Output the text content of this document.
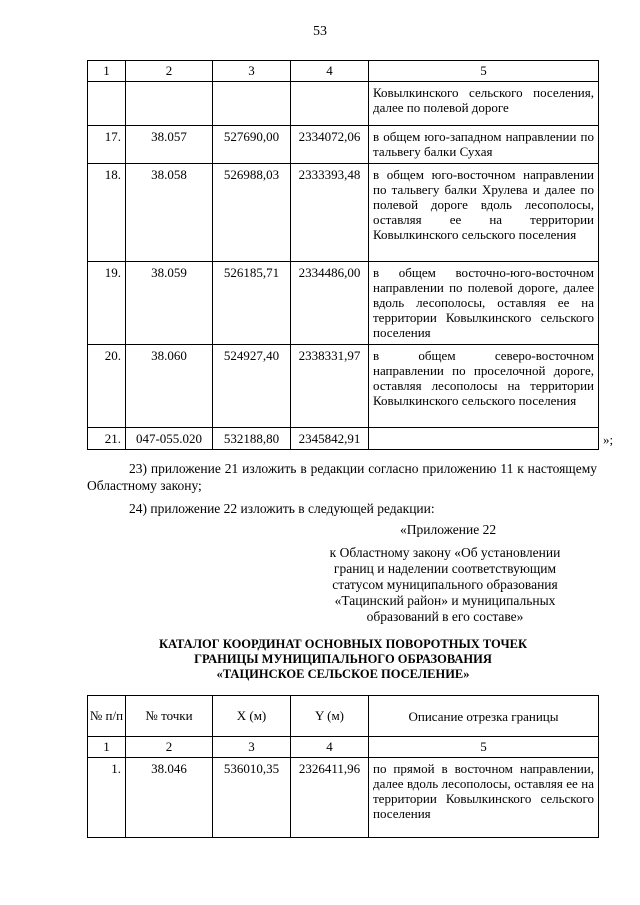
53
1	2	3	4	5
				Ковылкинского сельского поселения, далее по полевой дороге
17.	38.057	527690,00	2334072,06	в общем юго-западном направлении по тальвегу балки Сухая
18.	38.058	526988,03	2333393,48	в общем юго-восточном направлении по тальвегу балки Хрулева и далее по полевой дороге вдоль лесополосы, оставляя ее на территории Ковылкинского сельского поселения
19.	38.059	526185,71	2334486,00	в общем восточно-юго-восточном направлении по полевой дороге, далее вдоль лесополосы, оставляя ее на территории Ковылкинского сельского поселения
20.	38.060	524927,40	2338331,97	в общем северо-восточном направлении по проселочной дороге, оставляя лесополосы на территории Ковылкинского сельского поселения
21.	047-055.020	532188,80	2345842,91		»;
23) приложение 21 изложить в редакции согласно приложению 11 к настоящему Областному закону;
24) приложение 22 изложить в следующей редакции:
«Приложение 22
к Областному закону «Об установлении
границ и наделении соответствующим
статусом муниципального образования
«Тацинский район» и муниципальных
образований в его составе»
КАТАЛОГ КООРДИНАТ ОСНОВНЫХ ПОВОРОТНЫХ ТОЧЕК
ГРАНИЦЫ МУНИЦИПАЛЬНОГО ОБРАЗОВАНИЯ
«ТАЦИНСКОЕ СЕЛЬСКОЕ ПОСЕЛЕНИЕ»
№ п/п	№ точки	X (м)	Y (м)	Описание отрезка границы
1	2	3	4	5
1.	38.046	536010,35	2326411,96	по прямой в восточном направлении, далее вдоль лесополосы, оставляя ее на территории Ковылкинского сельского поселения
